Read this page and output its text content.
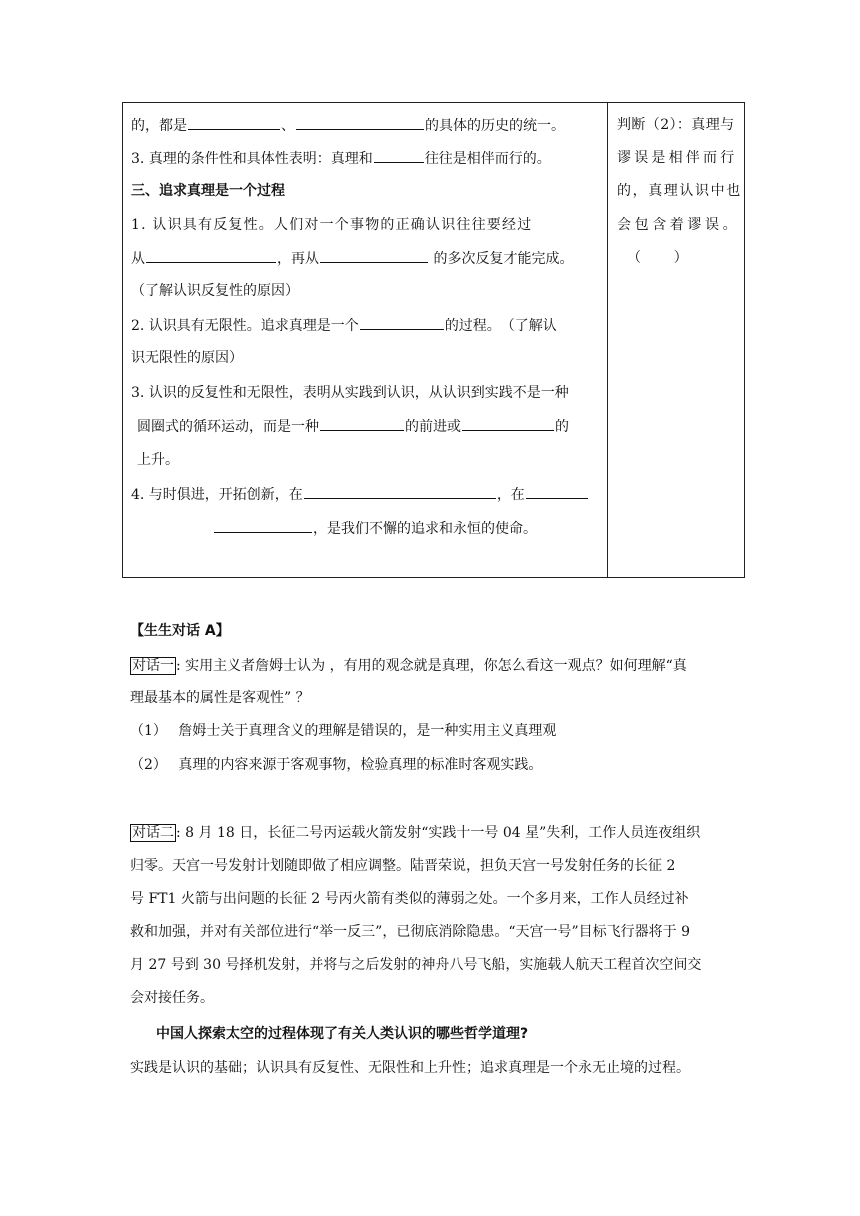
的，都是	、	的具体的历史的统一。
3. 真理的条件性和具体性表明：真理和	往往是相伴而行的。
三、追求真理是一个过程
1. 认识具有反复性。人们对一个事物的正确认识往往要经过
从	，再从	的多次反复才能完成。
（了解认识反复性的原因）
2. 认识具有无限性。追求真理是一个	的过程。　（了解认
识无限性的原因）
3. 认识的反复性和无限性，表明从实践到认识，从认识到实践不是一种
圆圈式的循环运动，而是一种	的前进或	的
上升。
4. 与时俱进，开拓创新，在	，在
，是我们不懈的追求和永恒的使命。
判断（2）：真理与
谬误是相伴而行
的，真理认识中也
会包含着谬误。
（　　）
【生生对话 A】
对话一 : 实用主义者詹姆士认为 ，有用的观念就是真理，你怎么看这一观点？如何理解“真
理最基本的属性是客观性” ？
（1）　 詹姆士关于真理含义的理解是错误的，是一种实用主义真理观
（2）　 真理的内容来源于客观事物，检验真理的标准时客观实践。
对话二 : 8 月 18 日，长征二号丙运载火箭发射“实践十一号 04 星”失利，工作人员连夜组织
归零。天宫一号发射计划随即做了相应调整。陆晋荣说，担负天宫一号发射任务的长征 2
号 FT1 火箭与出问题的长征 2 号丙火箭有类似的薄弱之处。一个多月来，工作人员经过补
救和加强，并对有关部位进行“举一反三”，已彻底消除隐患。“天宫一号”目标飞行器将于 9
月 27 号到 30 号择机发射，并将与之后发射的神舟八号飞船，实施载人航天工程首次空间交
会对接任务。
中国人探索太空的过程体现了有关人类认识的哪些哲学道理?
实践是认识的基础；认识具有反复性、无限性和上升性；追求真理是一个永无止境的过程。
